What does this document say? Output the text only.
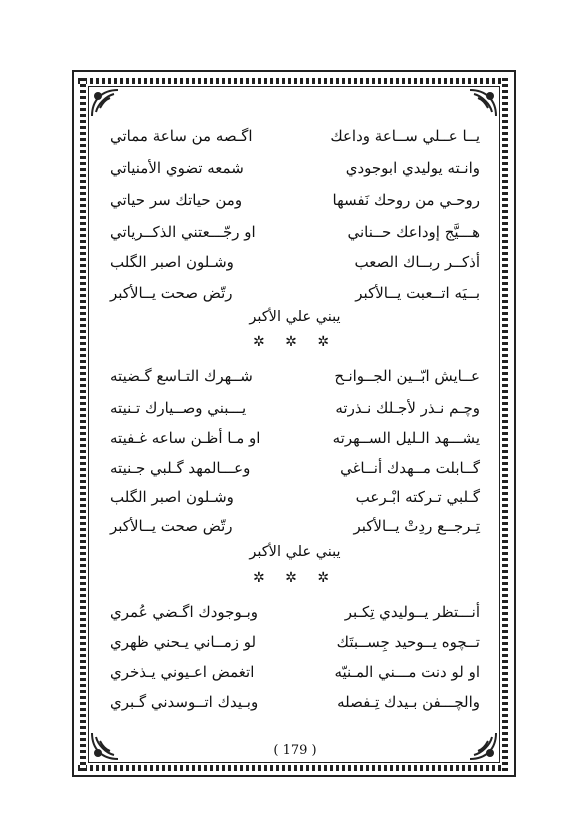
يــا عــلي ســاعة وداعك
اگـصه من ساعة مماتي
وانـته يوليدي ابوجودي
شمعه تضوي الأمنياتي
روحـي من روحك نَفسها
ومن حياتك سر حياتي
هـــيَّج إوداعك حــناني
او رجّـــعتني الذكــرياتي
أذكــر ربــاك الصعب
وشـلون اصبر الگلب
بــيَه اتــعبت يــالأكبر
رتّض صحت يــالأكبر
يبني علي الأكبر
✲ ✲ ✲
عــايش ابّــين الجــوانـح
شــهرك التـاسع گـضيته
وچـم نـذر لأجـلك نـذرته
يـــبني وصــيارك تـنيته
يشـــهد الـليل الســهرته
او مـا أظـن ساعه غـفيته
گــابلت مــهدك أنــاغي
وعـــالمهد گـلبي جـنيته
گـلبي تـركته ابْـرعب
وشـلون اصبر الگلب
تِـرجــع ردِتْ يــالأكبر
رتّض صحت يــالأكبر
يبني علي الأكبر
✲ ✲ ✲
أنـــتظر يــوليدي تِكـبر
وبـوجودك اگـضي عُمري
تــچوه يــوحيد جِســبتَك
لو زمــاني يـحني ظهري
او لو دنت مـــني المـنيّه
اتغمض اعـيوني يـذخري
والچـــفن بـيدك تِـفصله
وبـيدك اتــوسدني گـبري
( 179 )
